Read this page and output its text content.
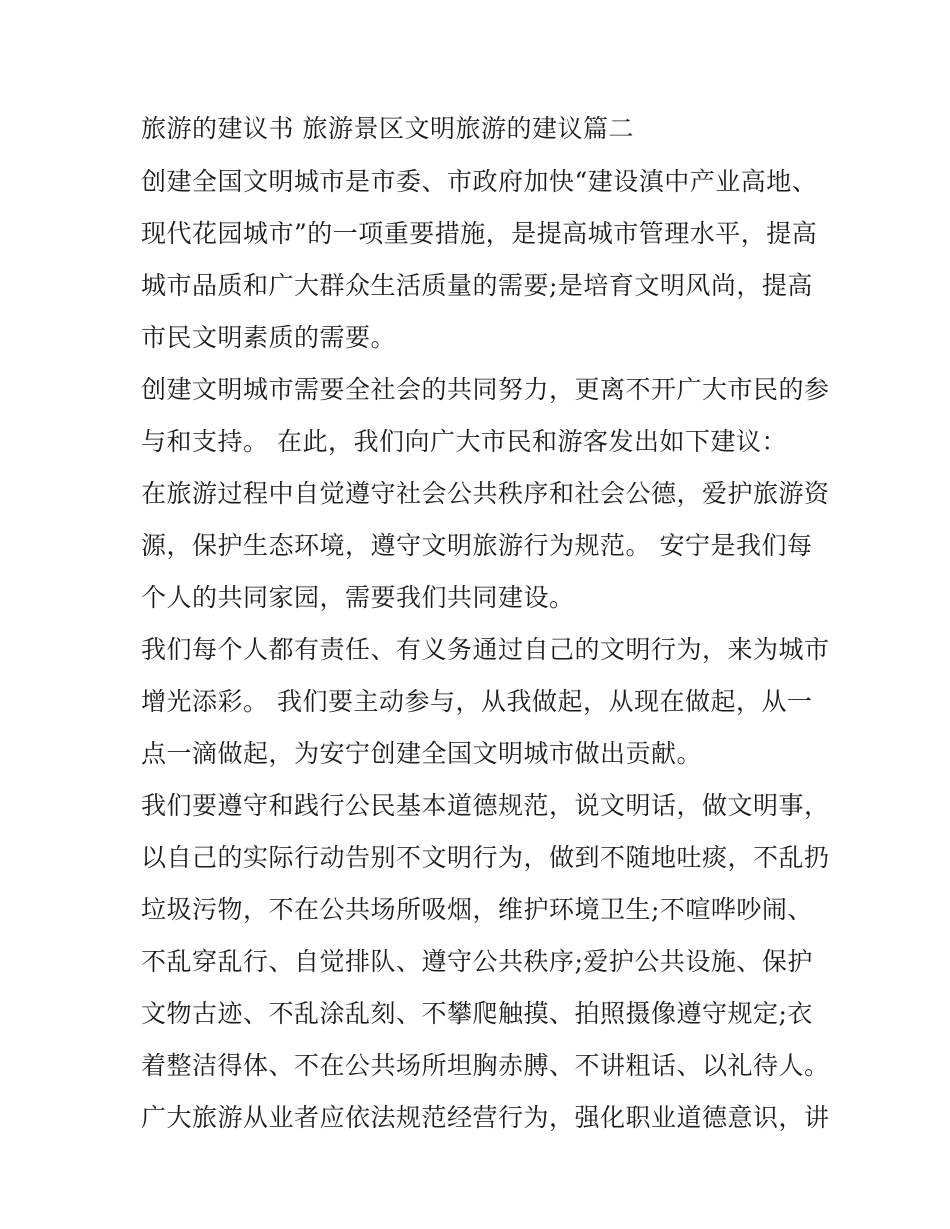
旅游的建议书 旅游景区文明旅游的建议篇二
创建全国文明城市是市委、市政府加快“建设滇中产业高地、
现代花园城市”的一项重要措施，是提高城市管理水平，提高
城市品质和广大群众生活质量的需要;是培育文明风尚，提高
市民文明素质的需要。
创建文明城市需要全社会的共同努力，更离不开广大市民的参
与和支持。 在此，我们向广大市民和游客发出如下建议：
在旅游过程中自觉遵守社会公共秩序和社会公德，爱护旅游资
源，保护生态环境，遵守文明旅游行为规范。 安宁是我们每
个人的共同家园，需要我们共同建设。
我们每个人都有责任、有义务通过自己的文明行为，来为城市
增光添彩。 我们要主动参与，从我做起，从现在做起，从一
点一滴做起，为安宁创建全国文明城市做出贡献。
我们要遵守和践行公民基本道德规范，说文明话，做文明事，
以自己的实际行动告别不文明行为，做到不随地吐痰，不乱扔
垃圾污物，不在公共场所吸烟，维护环境卫生;不喧哗吵闹、
不乱穿乱行、自觉排队、遵守公共秩序;爱护公共设施、保护
文物古迹、不乱涂乱刻、不攀爬触摸、拍照摄像遵守规定;衣
着整洁得体、不在公共场所坦胸赤膊、不讲粗话、以礼待人。
广大旅游从业者应依法规范经营行为，强化职业道德意识，讲
